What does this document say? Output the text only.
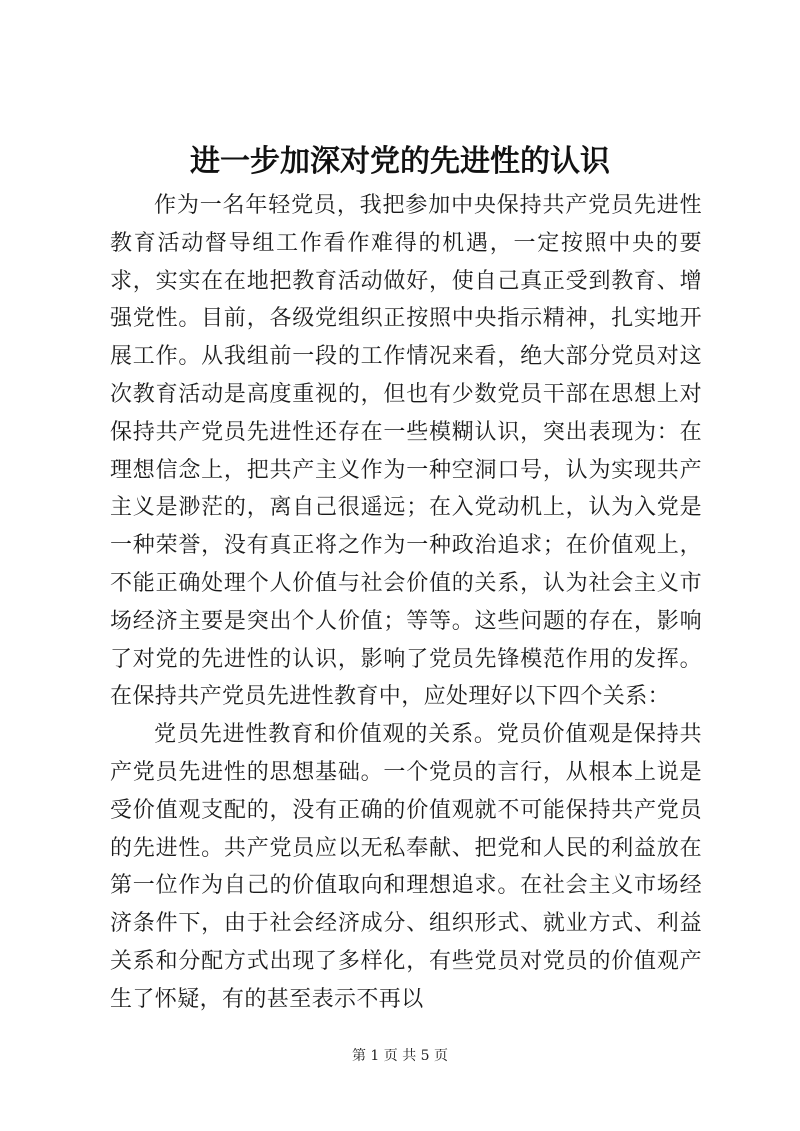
进一步加深对党的先进性的认识

作为一名年轻党员，我把参加中央保持共产党员先进性教育活动督导组工作看作难得的机遇，一定按照中央的要求，实实在在地把教育活动做好，使自己真正受到教育、增强党性。目前，各级党组织正按照中央指示精神，扎实地开展工作。从我组前一段的工作情况来看，绝大部分党员对这次教育活动是高度重视的，但也有少数党员干部在思想上对保持共产党员先进性还存在一些模糊认识，突出表现为：在理想信念上，把共产主义作为一种空洞口号，认为实现共产主义是渺茫的，离自己很遥远；在入党动机上，认为入党是一种荣誉，没有真正将之作为一种政治追求；在价值观上，不能正确处理个人价值与社会价值的关系，认为社会主义市场经济主要是突出个人价值；等等。这些问题的存在，影响了对党的先进性的认识，影响了党员先锋模范作用的发挥。在保持共产党员先进性教育中，应处理好以下四个关系：

党员先进性教育和价值观的关系。党员价值观是保持共产党员先进性的思想基础。一个党员的言行，从根本上说是受价值观支配的，没有正确的价值观就不可能保持共产党员的先进性。共产党员应以无私奉献、把党和人民的利益放在第一位作为自己的价值取向和理想追求。在社会主义市场经济条件下，由于社会经济成分、组织形式、就业方式、利益关系和分配方式出现了多样化，有些党员对党员的价值观产生了怀疑，有的甚至表示不再以

第 1 页 共 5 页
